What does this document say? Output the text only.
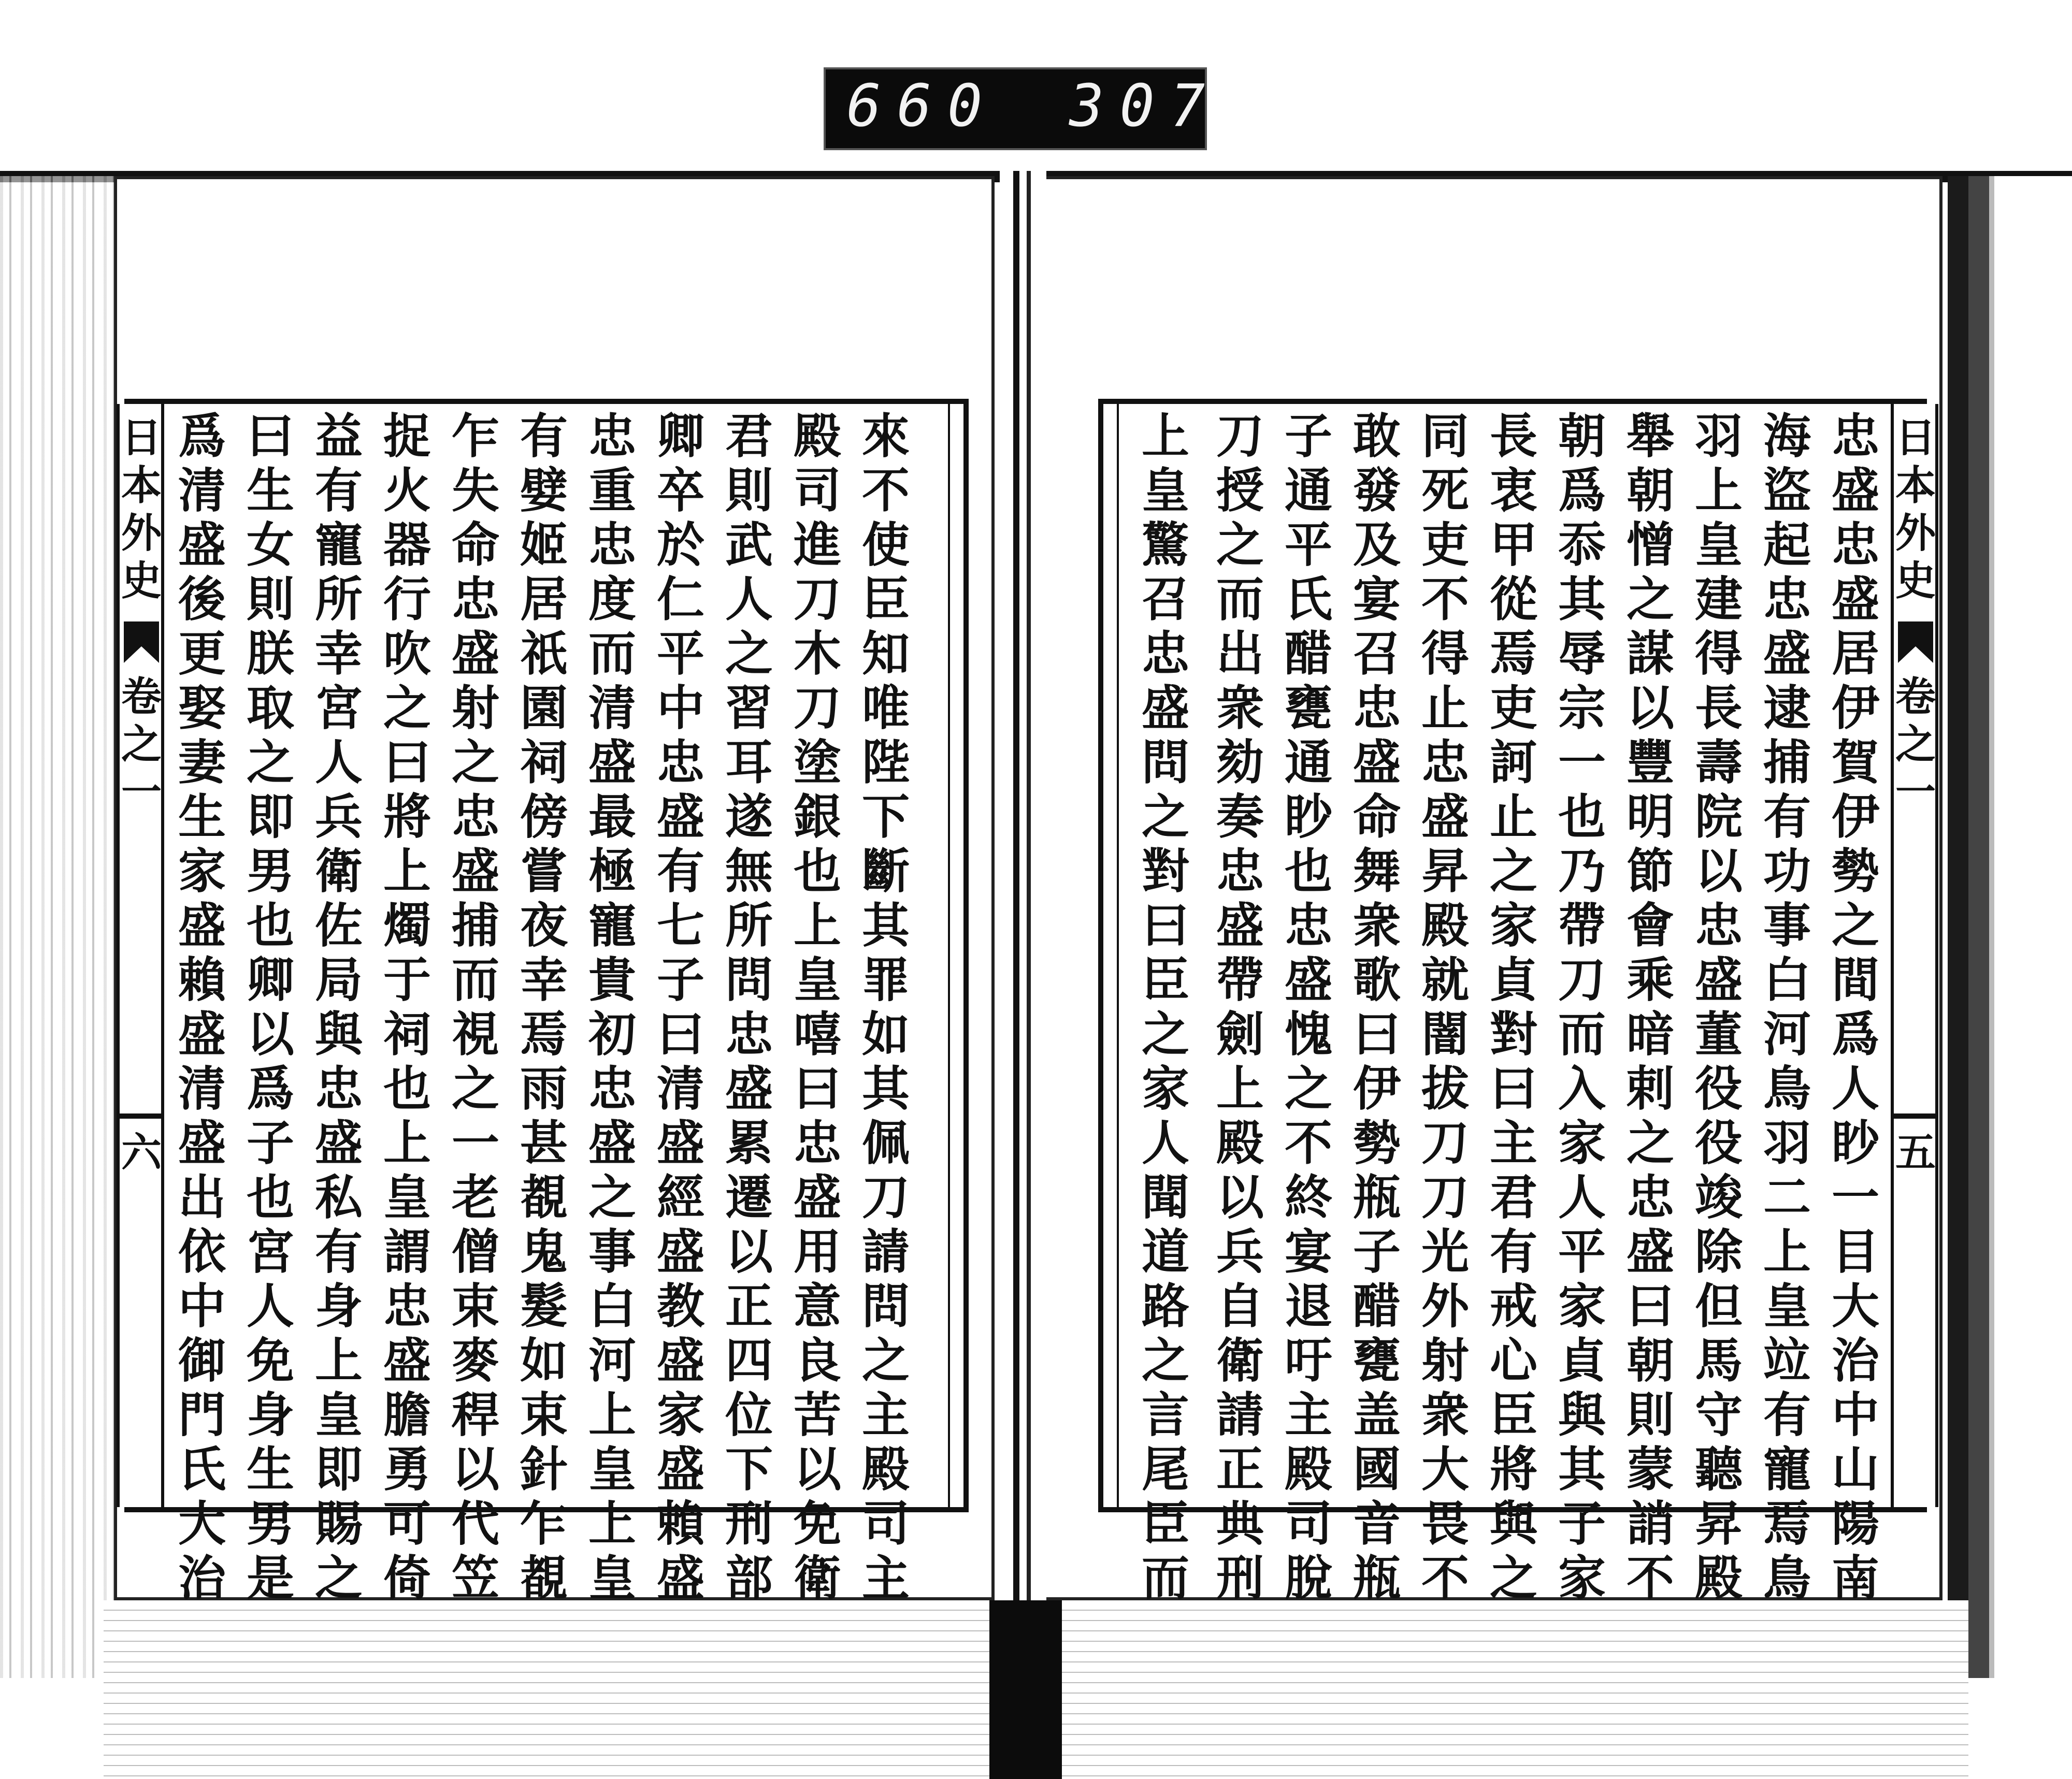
660 307
日本外史
卷之一
五
日本外史
卷之一
六
忠盛忠盛居伊賀伊勢之間爲人眇一目大治中山陽南
海盜起忠盛逮捕有功事白河鳥羽二上皇竝有寵焉鳥
羽上皇建得長壽院以忠盛董役役竣除但馬守聽昇殿
舉朝憎之謀以豐明節會乘暗剌之忠盛曰朝則蒙誚不
朝爲忝其辱宗一也乃帶刀而入家人平家貞與其子家
長衷甲從焉吏訶止之家貞對曰主君有戒心臣將與之
同死吏不得止忠盛昇殿就闇拔刀刀光外射衆大畏不
敢發及宴召忠盛命舞衆歌曰伊勢瓶子醋甕盖國音瓶
子通平氏醋甕通眇也忠盛愧之不終宴退吁主殿司脫
刀授之而出衆劾奏忠盛帶劍上殿以兵自衛請正典刑
上皇驚召忠盛問之對曰臣之家人聞道路之言尾臣而
來不使臣知唯陛下斷其罪如其佩刀請問之主殿司主
殿司進刀木刀塗銀也上皇嘻曰忠盛用意良苦以免衛
君則武人之習耳遂無所問忠盛累遷以正四位下刑部
卿卒於仁平中忠盛有七子曰清盛經盛教盛家盛賴盛
忠重忠度而清盛最極寵貴初忠盛之事白河上皇上皇
有嬖姬居祇園祠傍嘗夜幸焉雨甚覩鬼髮如束針乍覩
乍失命忠盛射之忠盛捕而視之一老僧束麥稈以代笠
捉火器行吹之曰將上燭于祠也上皇謂忠盛膽勇可倚
益有寵所幸宮人兵衛佐局與忠盛私有身上皇即賜之
曰生女則朕取之即男也卿以爲子也宮人免身生男是
爲清盛後更娶妻生家盛賴盛清盛出依中御門氏大治
